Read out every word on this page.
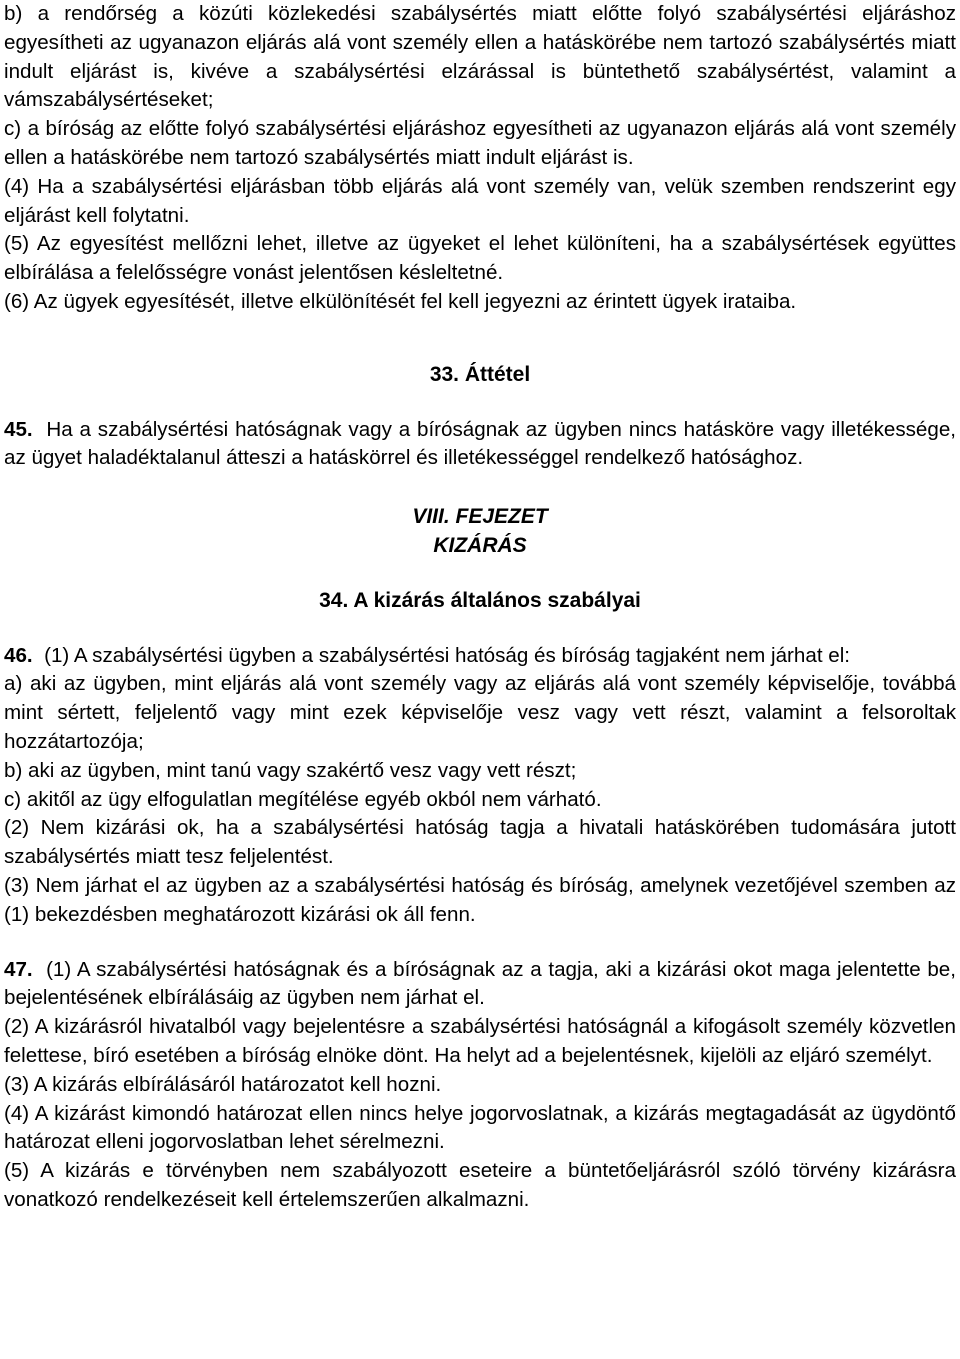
b) a rendőrség a közúti közlekedési szabálysértés miatt előtte folyó szabálysértési eljáráshoz egyesítheti az ugyanazon eljárás alá vont személy ellen a hatáskörébe nem tartozó szabálysértés miatt indult eljárást is, kivéve a szabálysértési elzárással is büntethető szabálysértést, valamint a vámszabálysértéseket;

c) a bíróság az előtte folyó szabálysértési eljáráshoz egyesítheti az ugyanazon eljárás alá vont személy ellen a hatáskörébe nem tartozó szabálysértés miatt indult eljárást is.

(4) Ha a szabálysértési eljárásban több eljárás alá vont személy van, velük szemben rendszerint egy eljárást kell folytatni.

(5) Az egyesítést mellőzni lehet, illetve az ügyeket el lehet különíteni, ha a szabálysértések együttes elbírálása a felelősségre vonást jelentősen késleltetné.

(6) Az ügyek egyesítését, illetve elkülönítését fel kell jegyezni az érintett ügyek irataiba.

33. Áttétel

45. Ha a szabálysértési hatóságnak vagy a bíróságnak az ügyben nincs hatásköre vagy illetékessége, az ügyet haladéktalanul átteszi a hatáskörrel és illetékességgel rendelkező hatósághoz.

VIII. FEJEZET
KIZÁRÁS
34. A kizárás általános szabályai

46. (1) A szabálysértési ügyben a szabálysértési hatóság és bíróság tagjaként nem járhat el:

a) aki az ügyben, mint eljárás alá vont személy vagy az eljárás alá vont személy képviselője, továbbá mint sértett, feljelentő vagy mint ezek képviselője vesz vagy vett részt, valamint a felsoroltak hozzátartozója;

b) aki az ügyben, mint tanú vagy szakértő vesz vagy vett részt;

c) akitől az ügy elfogulatlan megítélése egyéb okból nem várható.

(2) Nem kizárási ok, ha a szabálysértési hatóság tagja a hivatali hatáskörében tudomására jutott szabálysértés miatt tesz feljelentést.

(3) Nem járhat el az ügyben az a szabálysértési hatóság és bíróság, amelynek vezetőjével szemben az (1) bekezdésben meghatározott kizárási ok áll fenn.

47. (1) A szabálysértési hatóságnak és a bíróságnak az a tagja, aki a kizárási okot maga jelentette be, bejelentésének elbírálásáig az ügyben nem járhat el.

(2) A kizárásról hivatalból vagy bejelentésre a szabálysértési hatóságnál a kifogásolt személy közvetlen felettese, bíró esetében a bíróság elnöke dönt. Ha helyt ad a bejelentésnek, kijelöli az eljáró személyt.

(3) A kizárás elbírálásáról határozatot kell hozni.

(4) A kizárást kimondó határozat ellen nincs helye jogorvoslatnak, a kizárás megtagadását az ügydöntő határozat elleni jogorvoslatban lehet sérelmezni.

(5) A kizárás e törvényben nem szabályozott eseteire a büntetőeljárásról szóló törvény kizárásra vonatkozó rendelkezéseit kell értelemszerűen alkalmazni.
